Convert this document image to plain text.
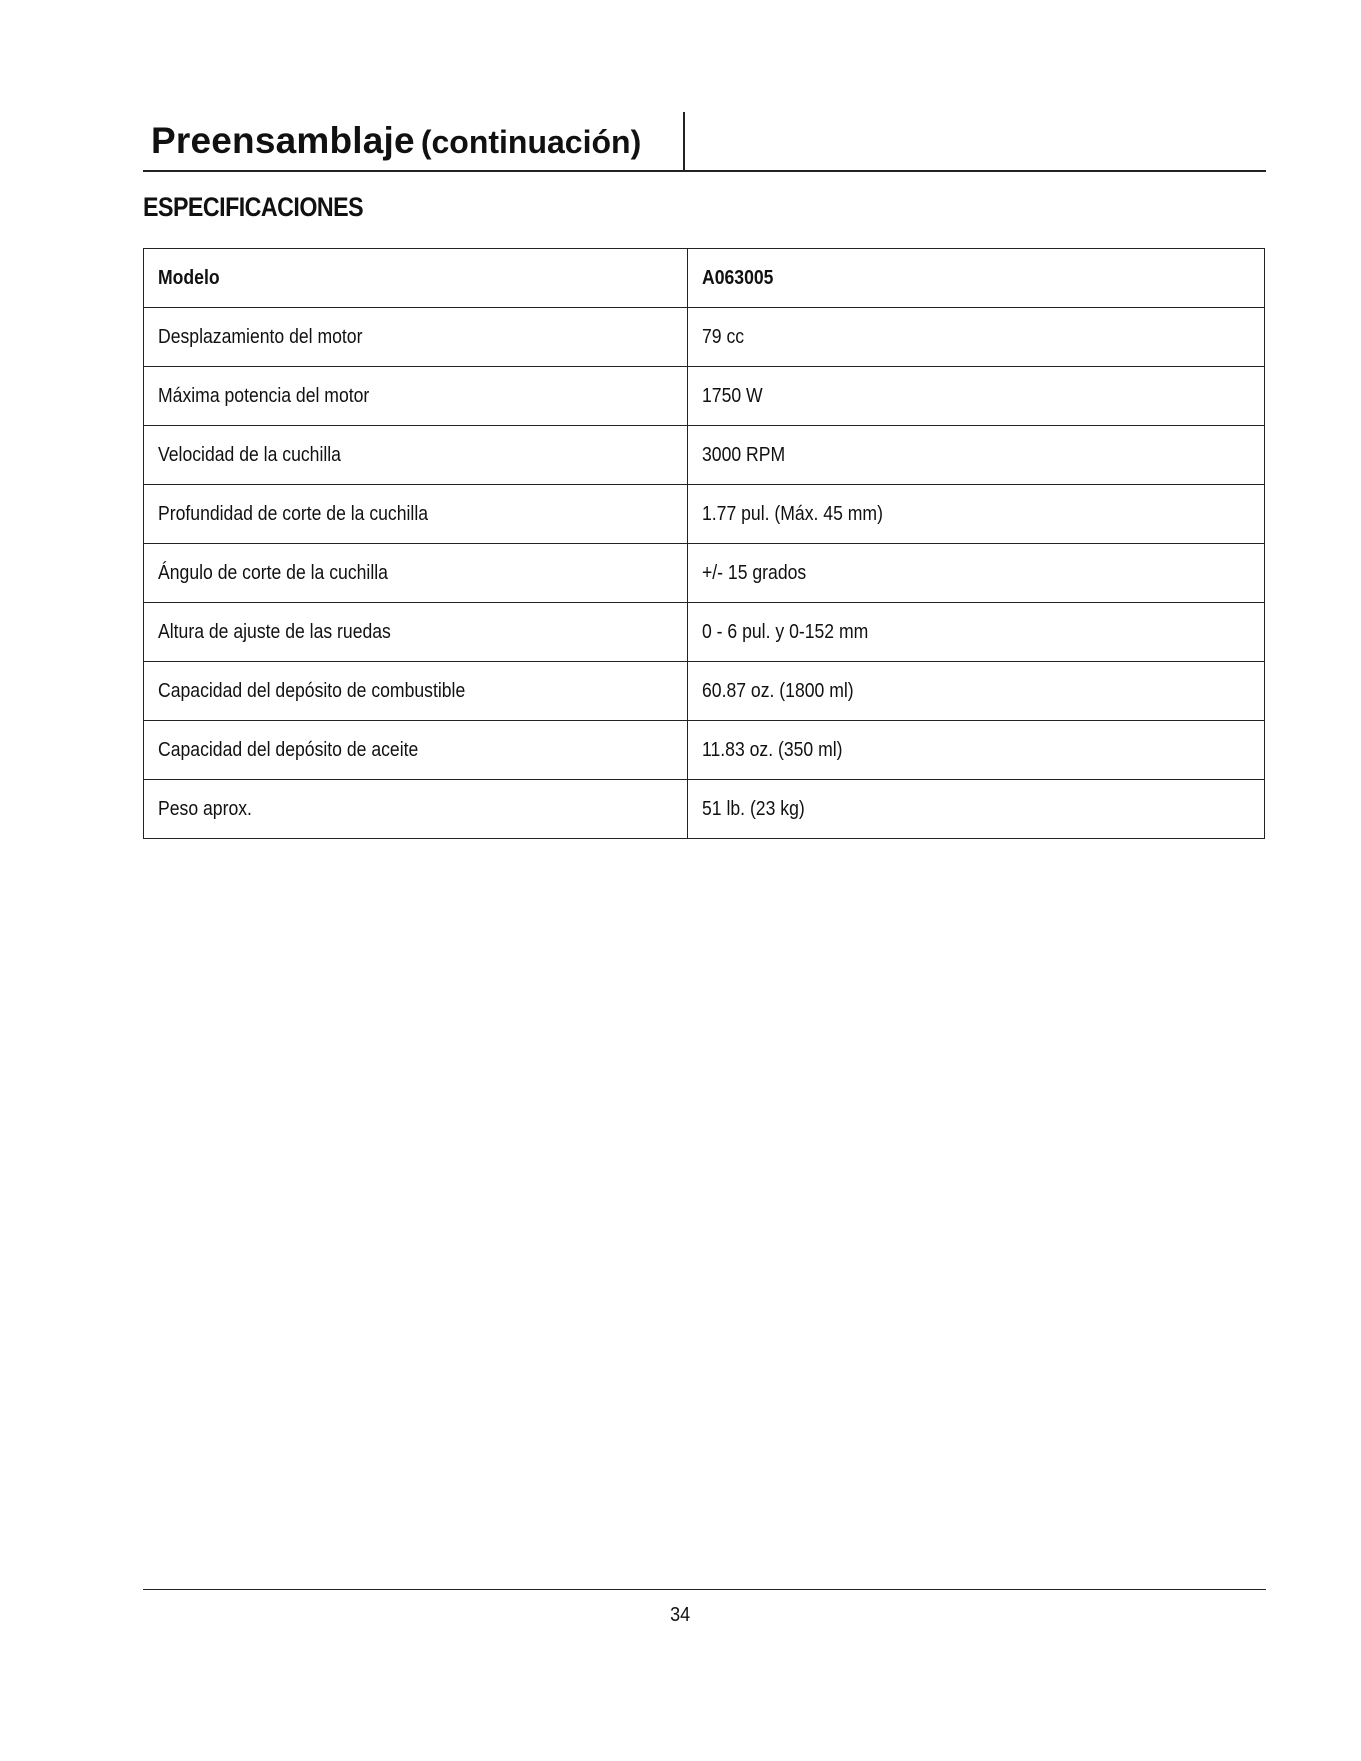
Preensamblaje (continuación)
ESPECIFICACIONES
Modelo	A063005
Desplazamiento del motor	79 cc
Máxima potencia del motor	1750 W
Velocidad de la cuchilla	3000 RPM
Profundidad de corte de la cuchilla	1.77 pul. (Máx. 45 mm)
Ángulo de corte de la cuchilla	+/- 15 grados
Altura de ajuste de las ruedas	0 - 6 pul. y 0-152 mm
Capacidad del depósito de combustible	60.87 oz. (1800 ml)
Capacidad del depósito de aceite	11.83 oz. (350 ml)
Peso aprox.	51 lb. (23 kg)
34
